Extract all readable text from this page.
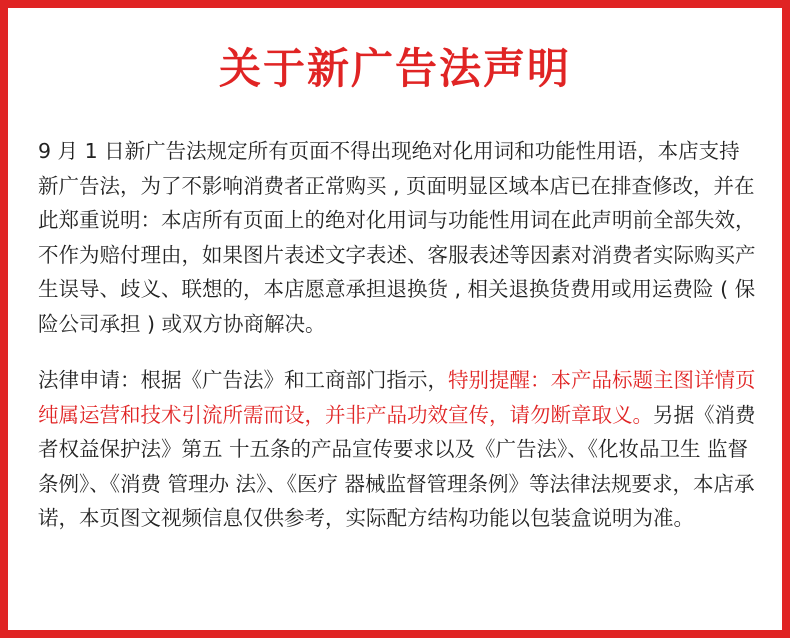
关于新广告法声明

9 月 1 日新广告法规定所有页面不得出现绝对化用词和功能性用语，本店支持新广告法，为了不影响消费者正常购买 , 页面明显区域本店已在排查修改，并在此郑重说明：本店所有页面上的绝对化用词与功能性用词在此声明前全部失效，不作为赔付理由，如果图片表述文字表述、客服表述等因素对消费者实际购买产生误导、歧义、联想的，本店愿意承担退换货 , 相关退换货费用或用运费险 ( 保险公司承担 ) 或双方协商解决。

法律申请：根据《广告法》和工商部门指示，特别提醒：本产品标题主图详情页纯属运营和技术引流所需而设，并非产品功效宣传，请勿断章取义。另据《消费者权益保护法》第五 十五条的产品宣传要求以及《广告法》、《化妆品卫生 监督条例》、《消费 管理办 法》、《医疗 器械监督管理条例》等法律法规要求，本店承诺，本页图文视频信息仅供参考，实际配方结构功能以包装盒说明为准。
